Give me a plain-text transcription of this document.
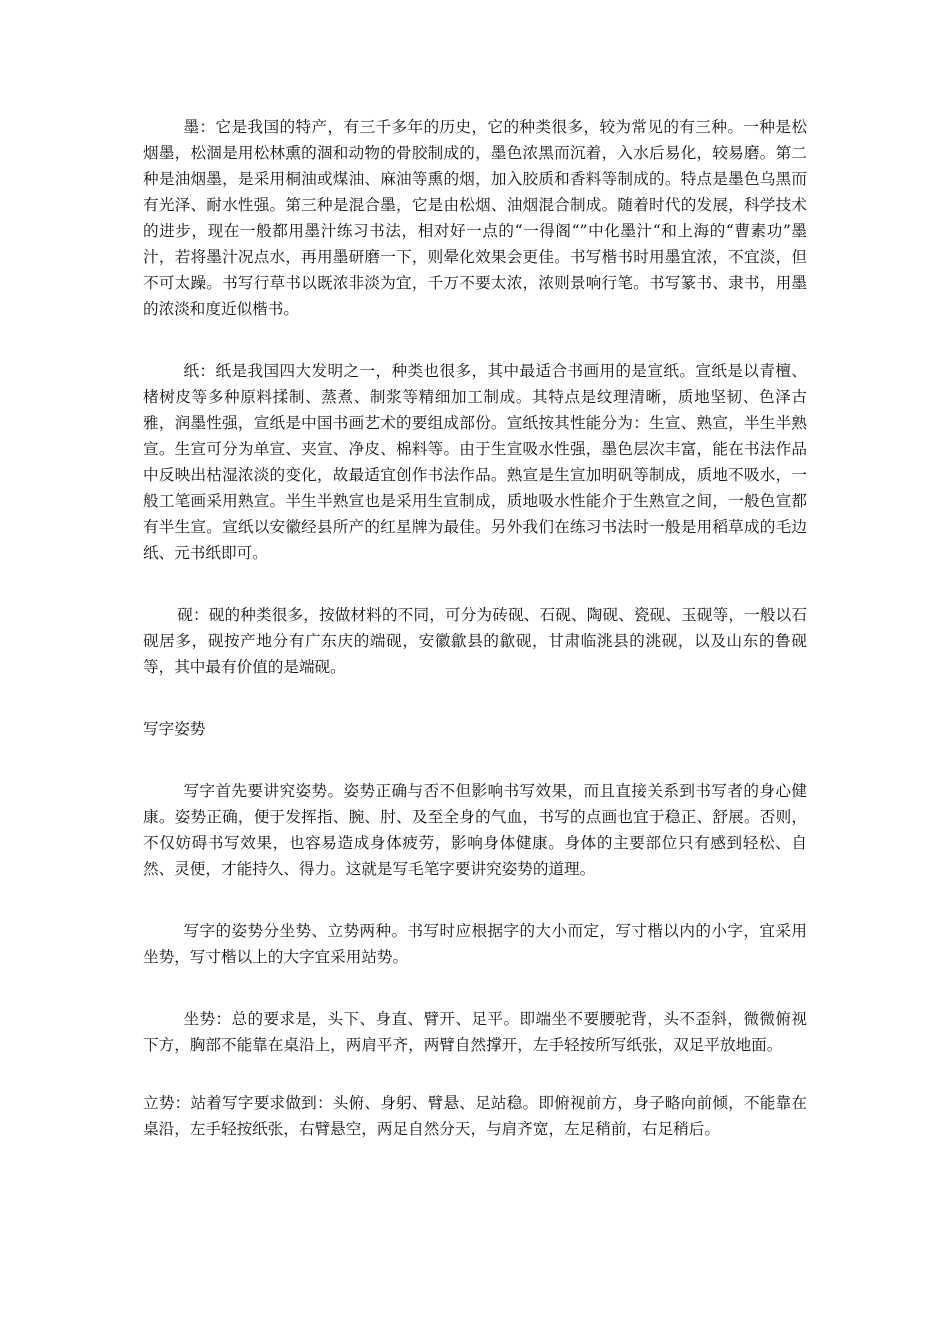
墨：它是我国的特产，有三千多年的历史，它的种类很多，较为常见的有三种。一种是松烟墨，松涸是用松林熏的涸和动物的骨胶制成的，墨色浓黑而沉着，入水后易化，较易磨。第二种是油烟墨，是采用桐油或煤油、麻油等熏的烟，加入胶质和香料等制成的。特点是墨色乌黑而有光泽、耐水性强。第三种是混合墨，它是由松烟、油烟混合制成。随着时代的发展，科学技术的进步，现在一般都用墨汁练习书法，相对好一点的“一得阁“”中化墨汁“和上海的“曹素功”墨汁，若将墨汁况点水，再用墨研磨一下，则晕化效果会更佳。书写楷书时用墨宜浓，不宜淡，但不可太躁。书写行草书以既浓非淡为宜，千万不要太浓，浓则景响行笔。书写篆书、隶书，用墨的浓淡和度近似楷书。

纸：纸是我国四大发明之一，种类也很多，其中最适合书画用的是宣纸。宣纸是以青檀、楮树皮等多种原料揉制、蒸煮、制浆等精细加工制成。其特点是纹理清晰，质地坚韧、色泽古雅，润墨性强，宣纸是中国书画艺术的要组成部份。宣纸按其性能分为：生宣、熟宣，半生半熟宣。生宣可分为单宣、夹宣、净皮、棉料等。由于生宣吸水性强，墨色层次丰富，能在书法作品中反映出枯湿浓淡的变化，故最适宜创作书法作品。熟宣是生宣加明矾等制成，质地不吸水，一般工笔画采用熟宣。半生半熟宣也是采用生宣制成，质地吸水性能介于生熟宣之间，一般色宣都有半生宣。宣纸以安徽经县所产的红星牌为最佳。另外我们在练习书法时一般是用稻草成的毛边纸、元书纸即可。

砚：砚的种类很多，按做材料的不同，可分为砖砚、石砚、陶砚、瓷砚、玉砚等，一般以石砚居多，砚按产地分有广东庆的端砚，安徽歙县的歙砚，甘肃临洮县的洮砚，以及山东的鲁砚等，其中最有价值的是端砚。

写字姿势

写字首先要讲究姿势。姿势正确与否不但影响书写效果，而且直接关系到书写者的身心健康。姿势正确，便于发挥指、腕、肘、及至全身的气血，书写的点画也宜于稳正、舒展。否则，不仅妨碍书写效果，也容易造成身体疲劳，影响身体健康。身体的主要部位只有感到轻松、自然、灵便，才能持久、得力。这就是写毛笔字要讲究姿势的道理。

写字的姿势分坐势、立势两种。书写时应根据字的大小而定，写寸楷以内的小字，宜采用坐势，写寸楷以上的大字宜采用站势。

坐势：总的要求是，头下、身直、臂开、足平。即端坐不要腰驼背，头不歪斜，微微俯视下方，胸部不能靠在桌沿上，两肩平齐，两臂自然撑开，左手轻按所写纸张，双足平放地面。

立势：站着写字要求做到：头俯、身躬、臂悬、足站稳。即俯视前方，身子略向前倾，不能靠在桌沿，左手轻按纸张，右臂悬空，两足自然分天，与肩齐宽，左足稍前，右足稍后。
